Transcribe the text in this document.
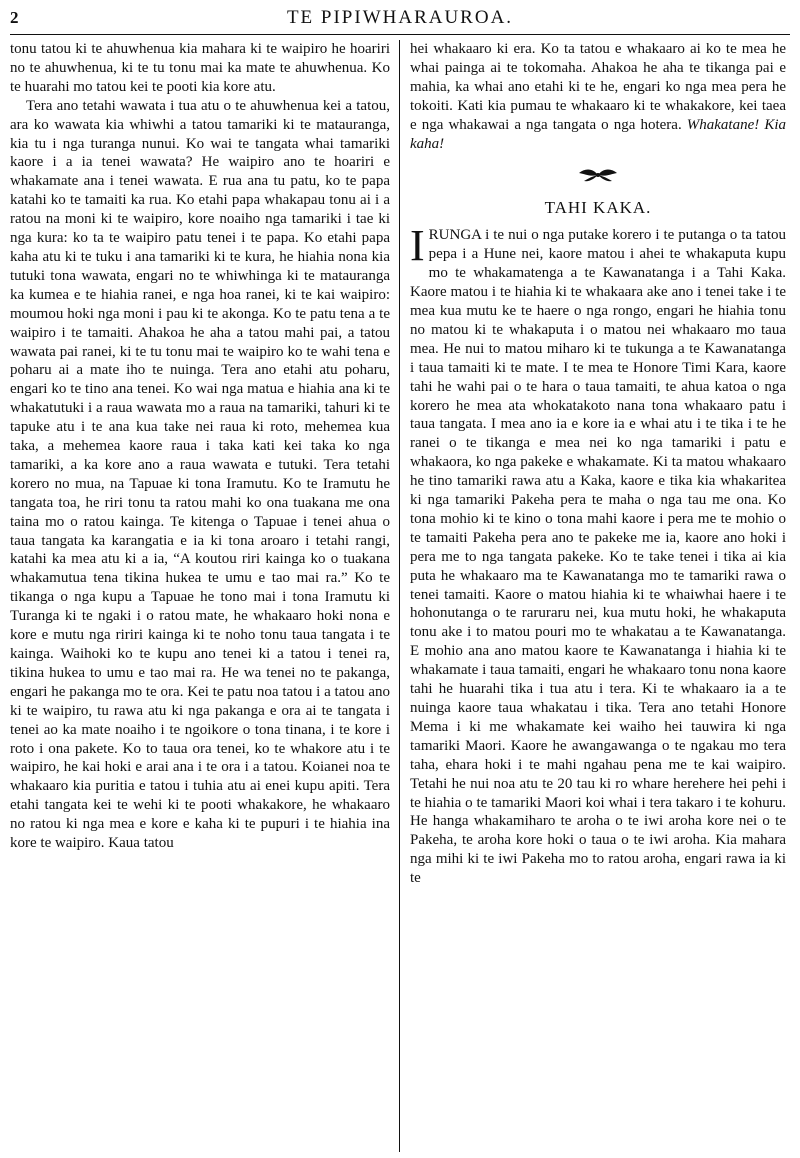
2	TE PIPIWHARAUROA.

tonu tatou ki te ahuwhenua kia mahara ki te waipiro he hoariri no te ahuwhenua, ki te tu tonu mai ka mate te ahuwhenua. Ko te huarahi mo tatou kei te pooti kia kore atu.

Tera ano tetahi wawata i tua atu o te ahuwhenua kei a tatou, ara ko wawata kia whiwhi a tatou tamariki ki te matauranga, kia tu i nga turanga nunui. Ko wai te tangata whai tamariki kaore i a ia tenei wawata? He waipiro ano te hoariri e whakamate ana i tenei wawata. E rua ana tu patu, ko te papa katahi ko te tamaiti ka rua. Ko etahi papa whakapau tonu ai i a ratou na moni ki te waipiro, kore noaiho nga tamariki i tae ki nga kura: ko ta te waipiro patu tenei i te papa. Ko etahi papa kaha atu ki te tuku i ana tamariki ki te kura, he hiahia nona kia tutuki tona wawata, engari no te whiwhinga ki te matauranga ka kumea e te hiahia ranei, e nga hoa ranei, ki te kai waipiro: moumou hoki nga moni i pau ki te akonga. Ko te patu tena a te waipiro i te tamaiti. Ahakoa he aha a tatou mahi pai, a tatou wawata pai ranei, ki te tu tonu mai te waipiro ko te wahi tena e poharu ai a mate iho te nuinga. Tera ano etahi atu poharu, engari ko te tino ana tenei. Ko wai nga matua e hiahia ana ki te whakatutuki i a raua wawata mo a raua na tamariki, tahuri ki te tapuke atu i te ana kua take nei raua ki roto, mehemea kua taka, a mehemea kaore raua i taka kati kei taka ko nga tamariki, a ka kore ano a raua wawata e tutuki. Tera tetahi korero no mua, na Tapuae ki tona Iramutu. Ko te Iramutu he tangata toa, he riri tonu ta ratou mahi ko ona tuakana me ona taina mo o ratou kainga. Te kitenga o Tapuae i tenei ahua o taua tangata ka karangatia e ia ki tona aroaro i tetahi rangi, katahi ka mea atu ki a ia, “A koutou riri kainga ko o tuakana whakamutua tena tikina hukea te umu e tao mai ra.” Ko te tikanga o nga kupu a Tapuae he tono mai i tona Iramutu ki Turanga ki te ngaki i o ratou mate, he whakaaro hoki nona e kore e mutu nga ririri kainga ki te noho tonu taua tangata i te kainga. Waihoki ko te kupu ano tenei ki a tatou i tenei ra, tikina hukea to umu e tao mai ra. He wa tenei no te pakanga, engari he pakanga mo te ora. Kei te patu noa tatou i a tatou ano ki te waipiro, tu rawa atu ki nga pakanga e ora ai te tangata i tenei ao ka mate noaiho i te ngoikore o tona tinana, i te kore i roto i ona pakete. Ko to taua ora tenei, ko te whakore atu i te waipiro, he kai hoki e arai ana i te ora i a tatou. Koianei noa te whakaaro kia puritia e tatou i tuhia atu ai enei kupu apiti. Tera etahi tangata kei te wehi ki te pooti whakakore, he whakaaro no ratou ki nga mea e kore e kaha ki te pupuri i te hiahia ina kore te waipiro. Kaua tatou

hei whakaaro ki era. Ko ta tatou e whakaaro ai ko te mea he whai painga ai te tokomaha. Ahakoa he aha te tikanga pai e mahia, ka whai ano etahi ki te he, engari ko nga mea pera he tokoiti. Kati kia pumau te whakaaro ki te whakakore, kei taea e nga whakawai a nga tangata o nga hotera. Whakatane! Kia kaha!

TAHI KAKA.

IRUNGA i te nui o nga putake korero i te putanga o ta tatou pepa i a Hune nei, kaore matou i ahei te whakaputa kupu mo te whakamatenga a te Kawanatanga i a Tahi Kaka. Kaore matou i te hiahia ki te whakaara ake ano i tenei take i te mea kua mutu ke te haere o nga rongo, engari he hiahia tonu no matou ki te whakaputa i o matou nei whakaaro mo taua mea. He nui to matou miharo ki te tukunga a te Kawanatanga i taua tamaiti ki te mate. I te mea te Honore Timi Kara, kaore tahi he wahi pai o te hara o taua tamaiti, te ahua katoa o nga korero he mea ata whokatakoto nana tona whakaaro patu i taua tangata. I mea ano ia e kore ia e whai atu i te tika i te he ranei o te tikanga e mea nei ko nga tamariki i patu e whakaora, ko nga pakeke e whakamate. Ki ta matou whakaaro he tino tamariki rawa atu a Kaka, kaore e tika kia whakaritea ki nga tamariki Pakeha pera te maha o nga tau me ona. Ko tona mohio ki te kino o tona mahi kaore i pera me te mohio o te tamaiti Pakeha pera ano te pakeke me ia, kaore ano hoki i pera me to nga tangata pakeke. Ko te take tenei i tika ai kia puta he whakaaro ma te Kawanatanga mo te tamariki rawa o tenei tamaiti. Kaore o matou hiahia ki te whaiwhai haere i te hohonutanga o te raruraru nei, kua mutu hoki, he whakaputa tonu ake i to matou pouri mo te whakatau a te Kawanatanga. E mohio ana ano matou kaore te Kawanatanga i hiahia ki te whakamate i taua tamaiti, engari he whakaaro tonu nona kaore tahi he huarahi tika i tua atu i tera. Ki te whakaaro ia a te nuinga kaore taua whakatau i tika. Tera ano tetahi Honore Mema i ki me whakamate kei waiho hei tauwira ki nga tamariki Maori. Kaore he awangawanga o te ngakau mo tera taha, ehara hoki i te mahi ngahau pena me te kai waipiro. Tetahi he nui noa atu te 20 tau ki ro whare herehere hei pehi i te hiahia o te tamariki Maori koi whai i tera takaro i te kohuru. He hanga whakamiharo te aroha o te iwi aroha kore nei o te Pakeha, te aroha kore hoki o taua o te iwi aroha. Kia mahara nga mihi ki te iwi Pakeha mo to ratou aroha, engari rawa ia ki te
